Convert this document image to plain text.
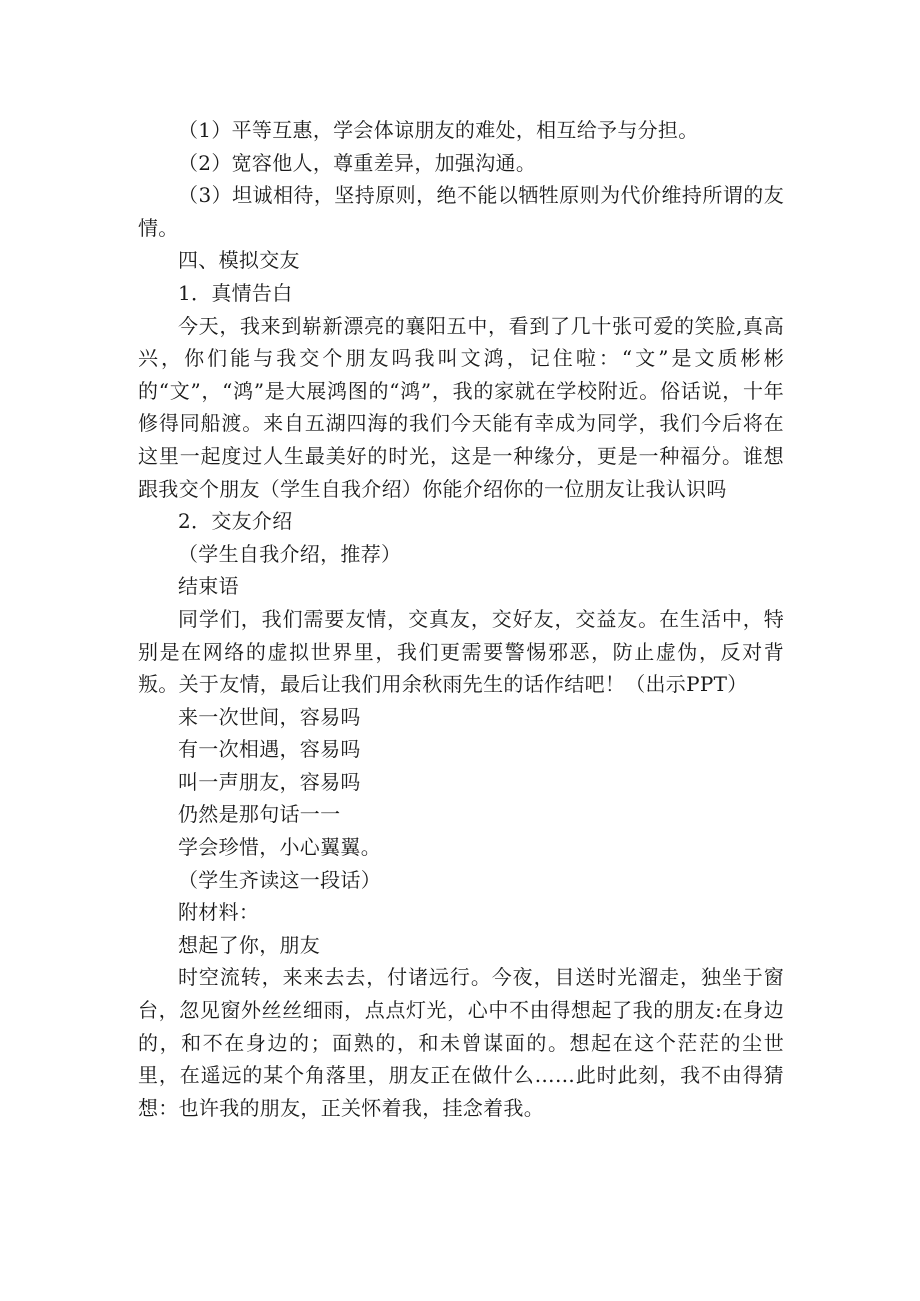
（1）平等互惠，学会体谅朋友的难处，相互给予与分担。

（2）宽容他人，尊重差异，加强沟通。

（3）坦诚相待，坚持原则，绝不能以牺牲原则为代价维持所谓的友情。

四、模拟交友

1．真情告白

今天，我来到崭新漂亮的襄阳五中，看到了几十张可爱的笑脸,真高兴，你们能与我交个朋友吗我叫文鸿，记住啦：“文”是文质彬彬的“文”，“鸿”是大展鸿图的“鸿”，我的家就在学校附近。俗话说，十年修得同船渡。来自五湖四海的我们今天能有幸成为同学，我们今后将在这里一起度过人生最美好的时光，这是一种缘分，更是一种福分。谁想跟我交个朋友（学生自我介绍）你能介绍你的一位朋友让我认识吗

2．交友介绍

（学生自我介绍，推荐）

结束语

同学们，我们需要友情，交真友，交好友，交益友。在生活中，特别是在网络的虚拟世界里，我们更需要警惕邪恶，防止虚伪，反对背叛。关于友情，最后让我们用余秋雨先生的话作结吧！（出示PPT）

来一次世间，容易吗

有一次相遇，容易吗

叫一声朋友，容易吗

仍然是那句话一一

学会珍惜，小心翼翼。

（学生齐读这一段话）

附材料：

想起了你，朋友

时空流转，来来去去，付诸远行。今夜，目送时光溜走，独坐于窗台，忽见窗外丝丝细雨，点点灯光，心中不由得想起了我的朋友:在身边的，和不在身边的；面熟的，和未曾谋面的。想起在这个茫茫的尘世里，在遥远的某个角落里，朋友正在做什么……此时此刻，我不由得猜想：也许我的朋友，正关怀着我，挂念着我。
